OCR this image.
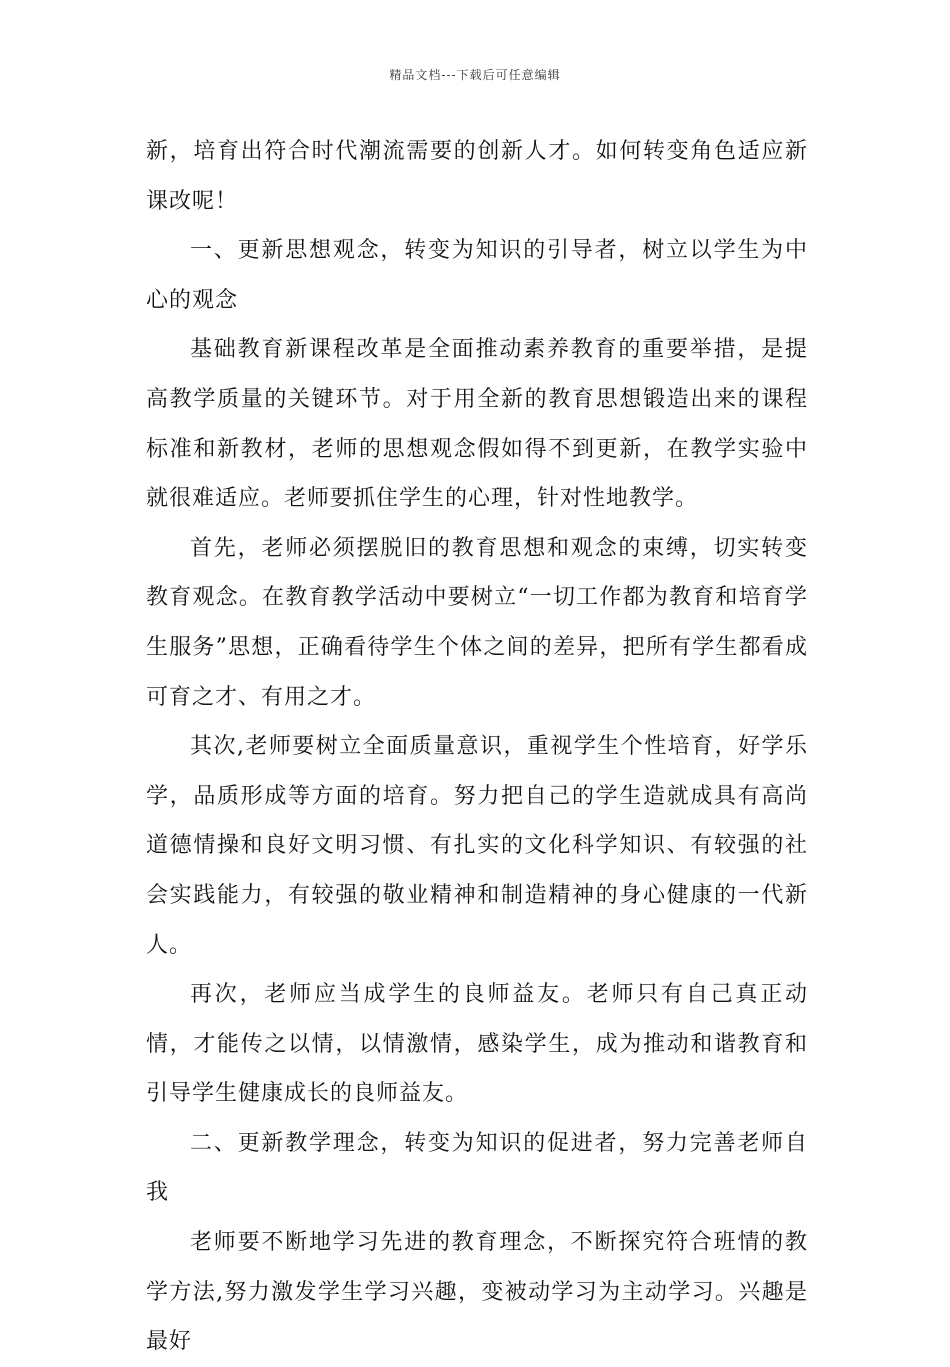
精品文档---下载后可任意编辑

新，培育出符合时代潮流需要的创新人才。如何转变角色适应新课改呢！

一、更新思想观念，转变为知识的引导者，树立以学生为中心的观念

基础教育新课程改革是全面推动素养教育的重要举措，是提高教学质量的关键环节。对于用全新的教育思想锻造出来的课程标准和新教材，老师的思想观念假如得不到更新，在教学实验中就很难适应。老师要抓住学生的心理，针对性地教学。

首先，老师必须摆脱旧的教育思想和观念的束缚，切实转变教育观念。在教育教学活动中要树立“一切工作都为教育和培育学生服务”思想，正确看待学生个体之间的差异，把所有学生都看成可育之才、有用之才。

其次,老师要树立全面质量意识，重视学生个性培育，好学乐学，品质形成等方面的培育。努力把自己的学生造就成具有高尚道德情操和良好文明习惯、有扎实的文化科学知识、有较强的社会实践能力，有较强的敬业精神和制造精神的身心健康的一代新人。

再次，老师应当成学生的良师益友。老师只有自己真正动情，才能传之以情，以情激情，感染学生，成为推动和谐教育和引导学生健康成长的良师益友。

二、更新教学理念，转变为知识的促进者，努力完善老师自我

老师要不断地学习先进的教育理念，不断探究符合班情的教学方法,努力激发学生学习兴趣，变被动学习为主动学习。兴趣是最好
